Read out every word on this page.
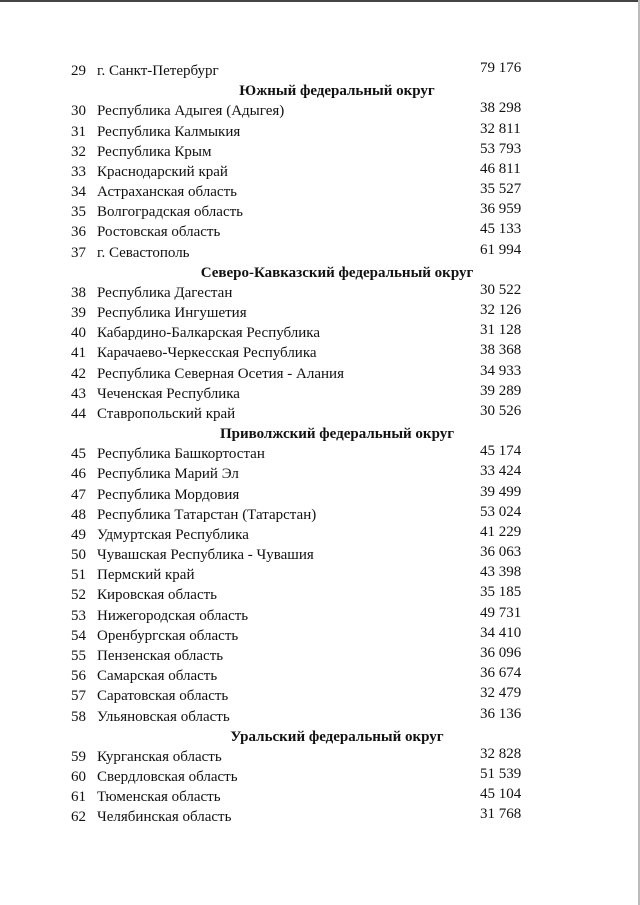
29 г. Санкт-Петербург	79 176
Южный федеральный округ
30 Республика Адыгея (Адыгея)	38 298
31 Республика Калмыкия	32 811
32 Республика Крым	53 793
33 Краснодарский край	46 811
34 Астраханская область	35 527
35 Волгоградская область	36 959
36 Ростовская область	45 133
37 г. Севастополь	61 994
Северо-Кавказский федеральный округ
38 Республика Дагестан	30 522
39 Республика Ингушетия	32 126
40 Кабардино-Балкарская Республика	31 128
41 Карачаево-Черкесская Республика	38 368
42 Республика Северная Осетия - Алания	34 933
43 Чеченская Республика	39 289
44 Ставропольский край	30 526
Приволжский федеральный округ
45 Республика Башкортостан	45 174
46 Республика Марий Эл	33 424
47 Республика Мордовия	39 499
48 Республика Татарстан (Татарстан)	53 024
49 Удмуртская Республика	41 229
50 Чувашская Республика - Чувашия	36 063
51 Пермский край	43 398
52 Кировская область	35 185
53 Нижегородская область	49 731
54 Оренбургская область	34 410
55 Пензенская область	36 096
56 Самарская область	36 674
57 Саратовская область	32 479
58 Ульяновская область	36 136
Уральский федеральный округ
59 Курганская область	32 828
60 Свердловская область	51 539
61 Тюменская область	45 104
62 Челябинская область	31 768
